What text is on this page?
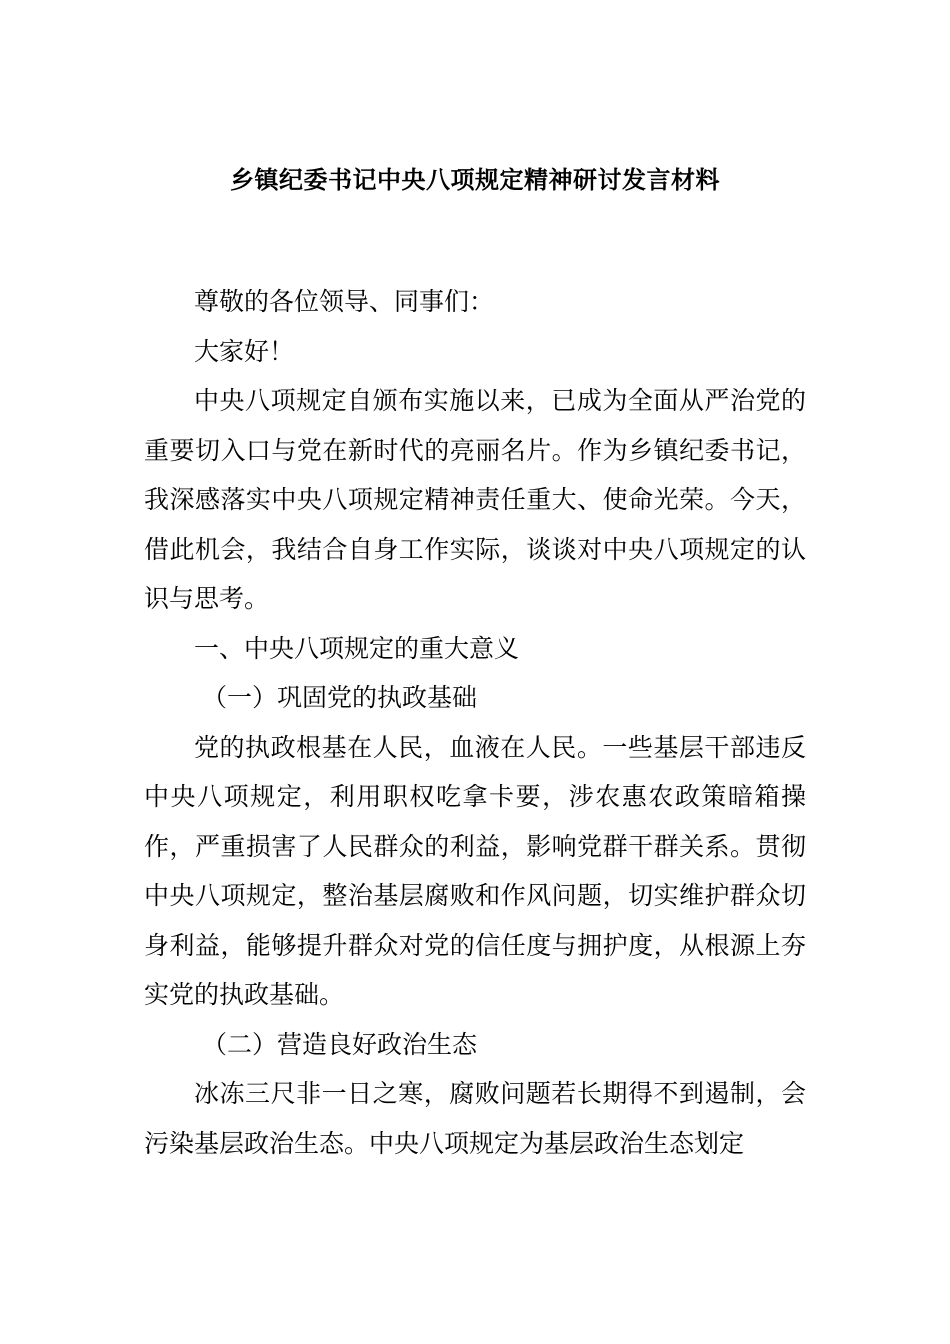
乡镇纪委书记中央八项规定精神研讨发言材料

尊敬的各位领导、同事们：

大家好！

中央八项规定自颁布实施以来，已成为全面从严治党的重要切入口与党在新时代的亮丽名片。作为乡镇纪委书记，我深感落实中央八项规定精神责任重大、使命光荣。今天，借此机会，我结合自身工作实际，谈谈对中央八项规定的认识与思考。

一、中央八项规定的重大意义

（一）巩固党的执政基础

党的执政根基在人民，血液在人民。一些基层干部违反中央八项规定，利用职权吃拿卡要，涉农惠农政策暗箱操作，严重损害了人民群众的利益，影响党群干群关系。贯彻中央八项规定，整治基层腐败和作风问题，切实维护群众切身利益，能够提升群众对党的信任度与拥护度，从根源上夯实党的执政基础。

（二）营造良好政治生态

冰冻三尺非一日之寒，腐败问题若长期得不到遏制，会污染基层政治生态。中央八项规定为基层政治生态划定
